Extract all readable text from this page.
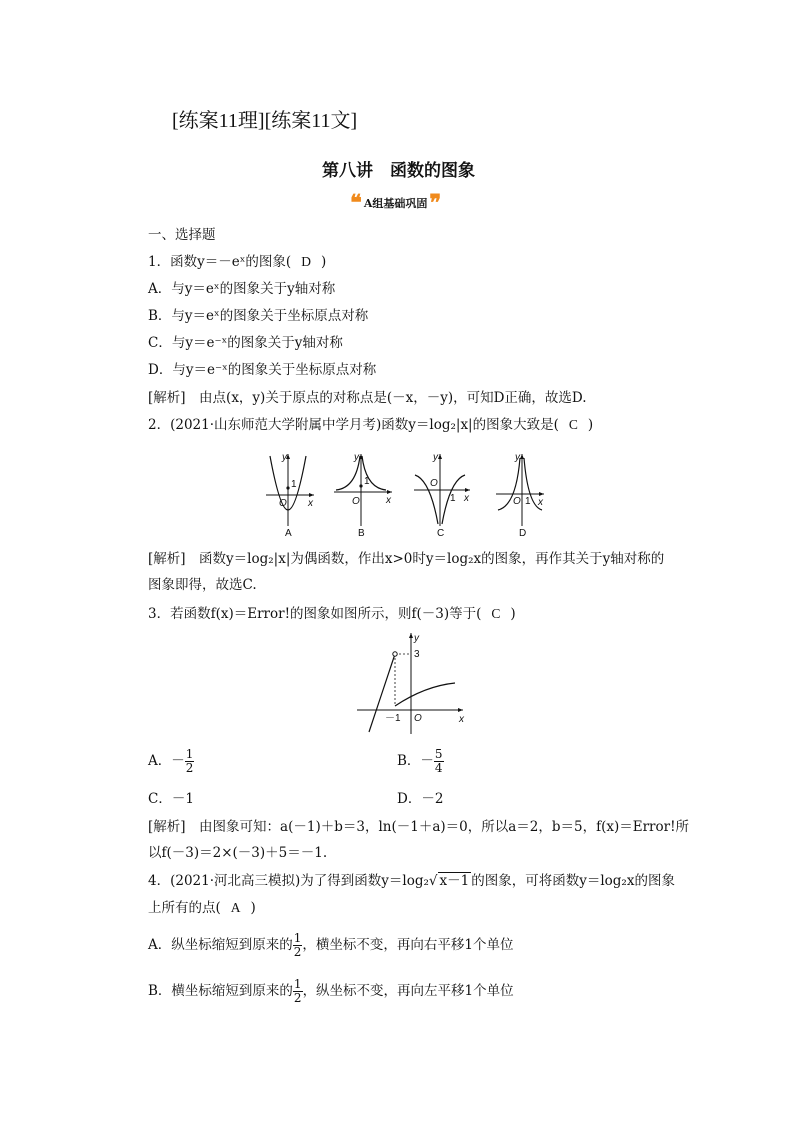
[练案11理][练案11文]
第八讲　函数的图象
❝ A组基础巩固 ❞
一、选择题
1．函数y＝－eˣ的图象( D )
A．与y＝eˣ的图象关于y轴对称
B．与y＝eˣ的图象关于坐标原点对称
C．与y＝e⁻ˣ的图象关于y轴对称
D．与y＝e⁻ˣ的图象关于坐标原点对称
[解析]　 由点(x，y)关于原点的对称点是(－x，－y)，可知D正确，故选D.
2．(2021·山东师范大学附属中学月考)函数y＝log₂|x|的图象大致是( C )
y
x
O
1
A
y
x
O
1
B
y
x
O
1
C
y
x
O 1
D
[解析]　 函数y＝log₂|x|为偶函数，作出x>0时y＝log₂x的图象，再作其关于y轴对称的
图象即得，故选C.
3．若函数f(x)＝Error!的图象如图所示，则f(－3)等于( C )
y
x
O
3
－1
A．－ $\frac{1}{2}$	B．－ $\frac{5}{4}$
C．－1	D．－2
[解析]　 由图象可知：a(－1)＋b＝3，ln(－1＋a)＝0，所以a＝2，b＝5，f(x)＝Error!所
以f(－3)＝2×(－3)＋5＝－1.
4．(2021·河北高三模拟)为了得到函数y＝log₂√ x－1 的图象，可将函数y＝log₂x的图象
上所有的点( A )
A．纵坐标缩短到原来的 $\frac{1}{2}$ ，横坐标不变，再向右平移1个单位
B．横坐标缩短到原来的 $\frac{1}{2}$ ，纵坐标不变，再向左平移1个单位
